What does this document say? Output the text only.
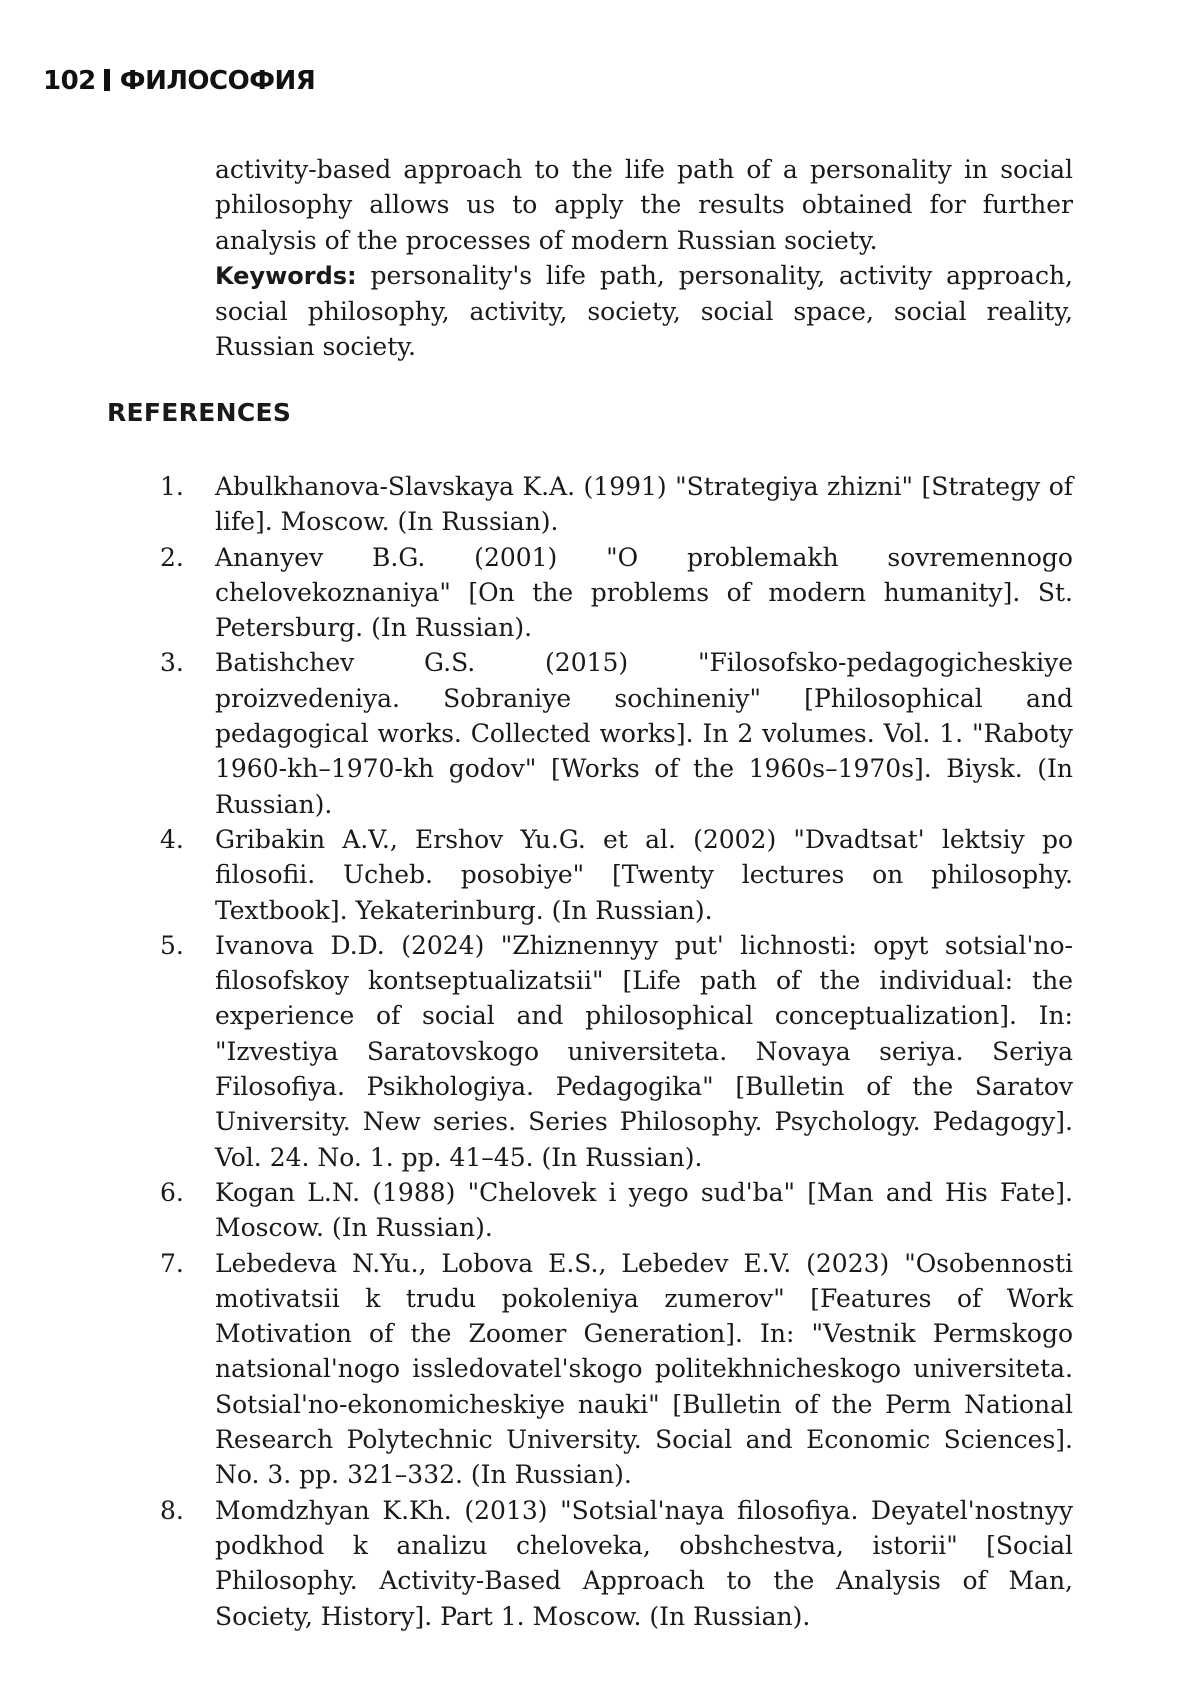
102 ФИЛОСОФИЯ

activity-based approach to the life path of a personality in social philosophy allows us to apply the results obtained for further analysis of the processes of modern Russian society.

Keywords: personality's life path, personality, activity approach, social philosophy, activity, society, social space, social reality, Russian society.

REFERENCES
1.	Abulkhanova-Slavskaya K.A. (1991) "Strategiya zhizni" [Strategy of life]. Moscow. (In Russian).
2.	Ananyev B.G. (2001) "O problemakh sovremennogo chelovekoznaniya" [On the problems of modern humanity]. St. Petersburg. (In Russian).
3.	Batishchev G.S. (2015) "Filosofsko-pedagogicheskiye proizvedeniya. Sobraniye sochineniy" [Philosophical and pedagogical works. Collected works]. In 2 volumes. Vol. 1. "Raboty 1960-kh–1970-kh godov" [Works of the 1960s–1970s]. Biysk. (In Russian).
4.	Gribakin A.V., Ershov Yu.G. et al. (2002) "Dvadtsat' lektsiy po filosofii. Ucheb. posobiye" [Twenty lectures on philosophy. Textbook]. Yekaterinburg. (In Russian).
5.	Ivanova D.D. (2024) "Zhiznennyy put' lichnosti: opyt sotsial'no-filosofskoy kontseptualizatsii" [Life path of the individual: the experience of social and philosophical conceptualization]. In: "Izvestiya Saratovskogo universiteta. Novaya seriya. Seriya Filosofiya. Psikhologiya. Pedagogika" [Bulletin of the Saratov University. New series. Series Philosophy. Psychology. Pedagogy]. Vol. 24. No. 1. pp. 41–45. (In Russian).
6.	Kogan L.N. (1988) "Chelovek i yego sud'ba" [Man and His Fate]. Moscow. (In Russian).
7.	Lebedeva N.Yu., Lobova E.S., Lebedev E.V. (2023) "Osobennosti motivatsii k trudu pokoleniya zumerov" [Features of Work Motivation of the Zoomer Generation]. In: "Vestnik Permskogo natsional'nogo issledovatel'skogo politekhnicheskogo universiteta. Sotsial'no-ekonomicheskiye nauki" [Bulletin of the Perm National Research Polytechnic University. Social and Economic Sciences]. No. 3. pp. 321–332. (In Russian).
8.	Momdzhyan K.Kh. (2013) "Sotsial'naya filosofiya. Deyatel'nostnyy podkhod k analizu cheloveka, obshchestva, istorii" [Social Philosophy. Activity-Based Approach to the Analysis of Man, Society, History]. Part 1. Moscow. (In Russian).
